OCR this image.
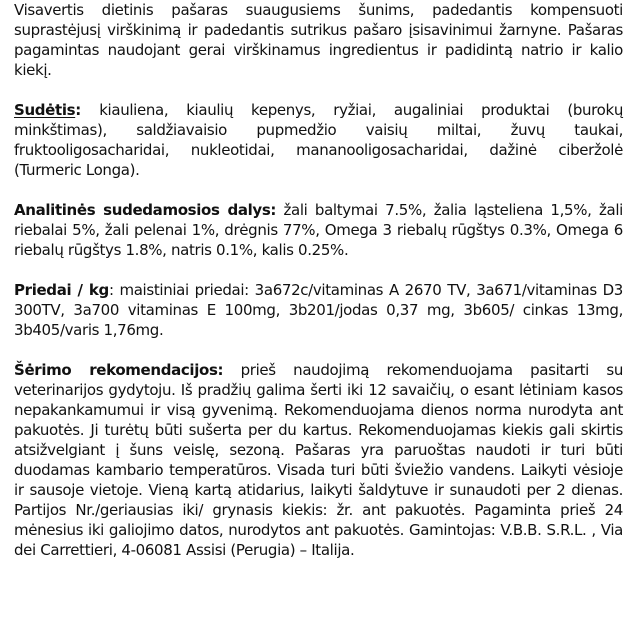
Visavertis dietinis pašaras suaugusiems šunims, padedantis kompensuoti suprastėjusį virškinimą ir padedantis sutrikus pašaro įsisavinimui žarnyne. Pašaras pagamintas naudojant gerai virškinamus ingredientus ir padidintą natrio ir kalio kiekį.

Sudėtis: kiauliena, kiaulių kepenys, ryžiai, augaliniai produktai (burokų minkštimas), saldžiavaisio pupmedžio vaisių miltai, žuvų taukai, fruktooligosacharidai, nukleotidai, mananooligosacharidai, dažinė ciberžolė (Turmeric Longa).

Analitinės sudedamosios dalys: žali baltymai 7.5%, žalia ląsteliena 1,5%, žali riebalai 5%, žali pelenai 1%, drėgnis 77%, Omega 3 riebalų rūgštys 0.3%, Omega 6 riebalų rūgštys 1.8%, natris 0.1%, kalis 0.25%.

Priedai / kg: maistiniai priedai: 3a672c/vitaminas A 2670 TV, 3a671/vitaminas D3 300TV, 3a700 vitaminas E 100mg, 3b201/jodas 0,37 mg, 3b605/ cinkas 13mg, 3b405/varis 1,76mg.

Šėrimo rekomendacijos: prieš naudojimą rekomenduojama pasitarti su veterinarijos gydytoju. Iš pradžių galima šerti iki 12 savaičių, o esant lėtiniam kasos nepakankamumui ir visą gyvenimą. Rekomenduojama dienos norma nurodyta ant pakuotės. Ji turėtų būti sušerta per du kartus. Rekomenduojamas kiekis gali skirtis atsižvelgiant į šuns veislę, sezoną. Pašaras yra paruoštas naudoti ir turi būti duodamas kambario temperatūros. Visada turi būti šviežio vandens. Laikyti vėsioje ir sausoje vietoje. Vieną kartą atidarius, laikyti šaldytuve ir sunaudoti per 2 dienas. Partijos Nr./geriausias iki/ grynasis kiekis: žr. ant pakuotės. Pagaminta prieš 24 mėnesius iki galiojimo datos, nurodytos ant pakuotės. Gamintojas: V.B.B. S.R.L. , Via dei Carrettieri, 4-06081 Assisi (Perugia) – Italija.
